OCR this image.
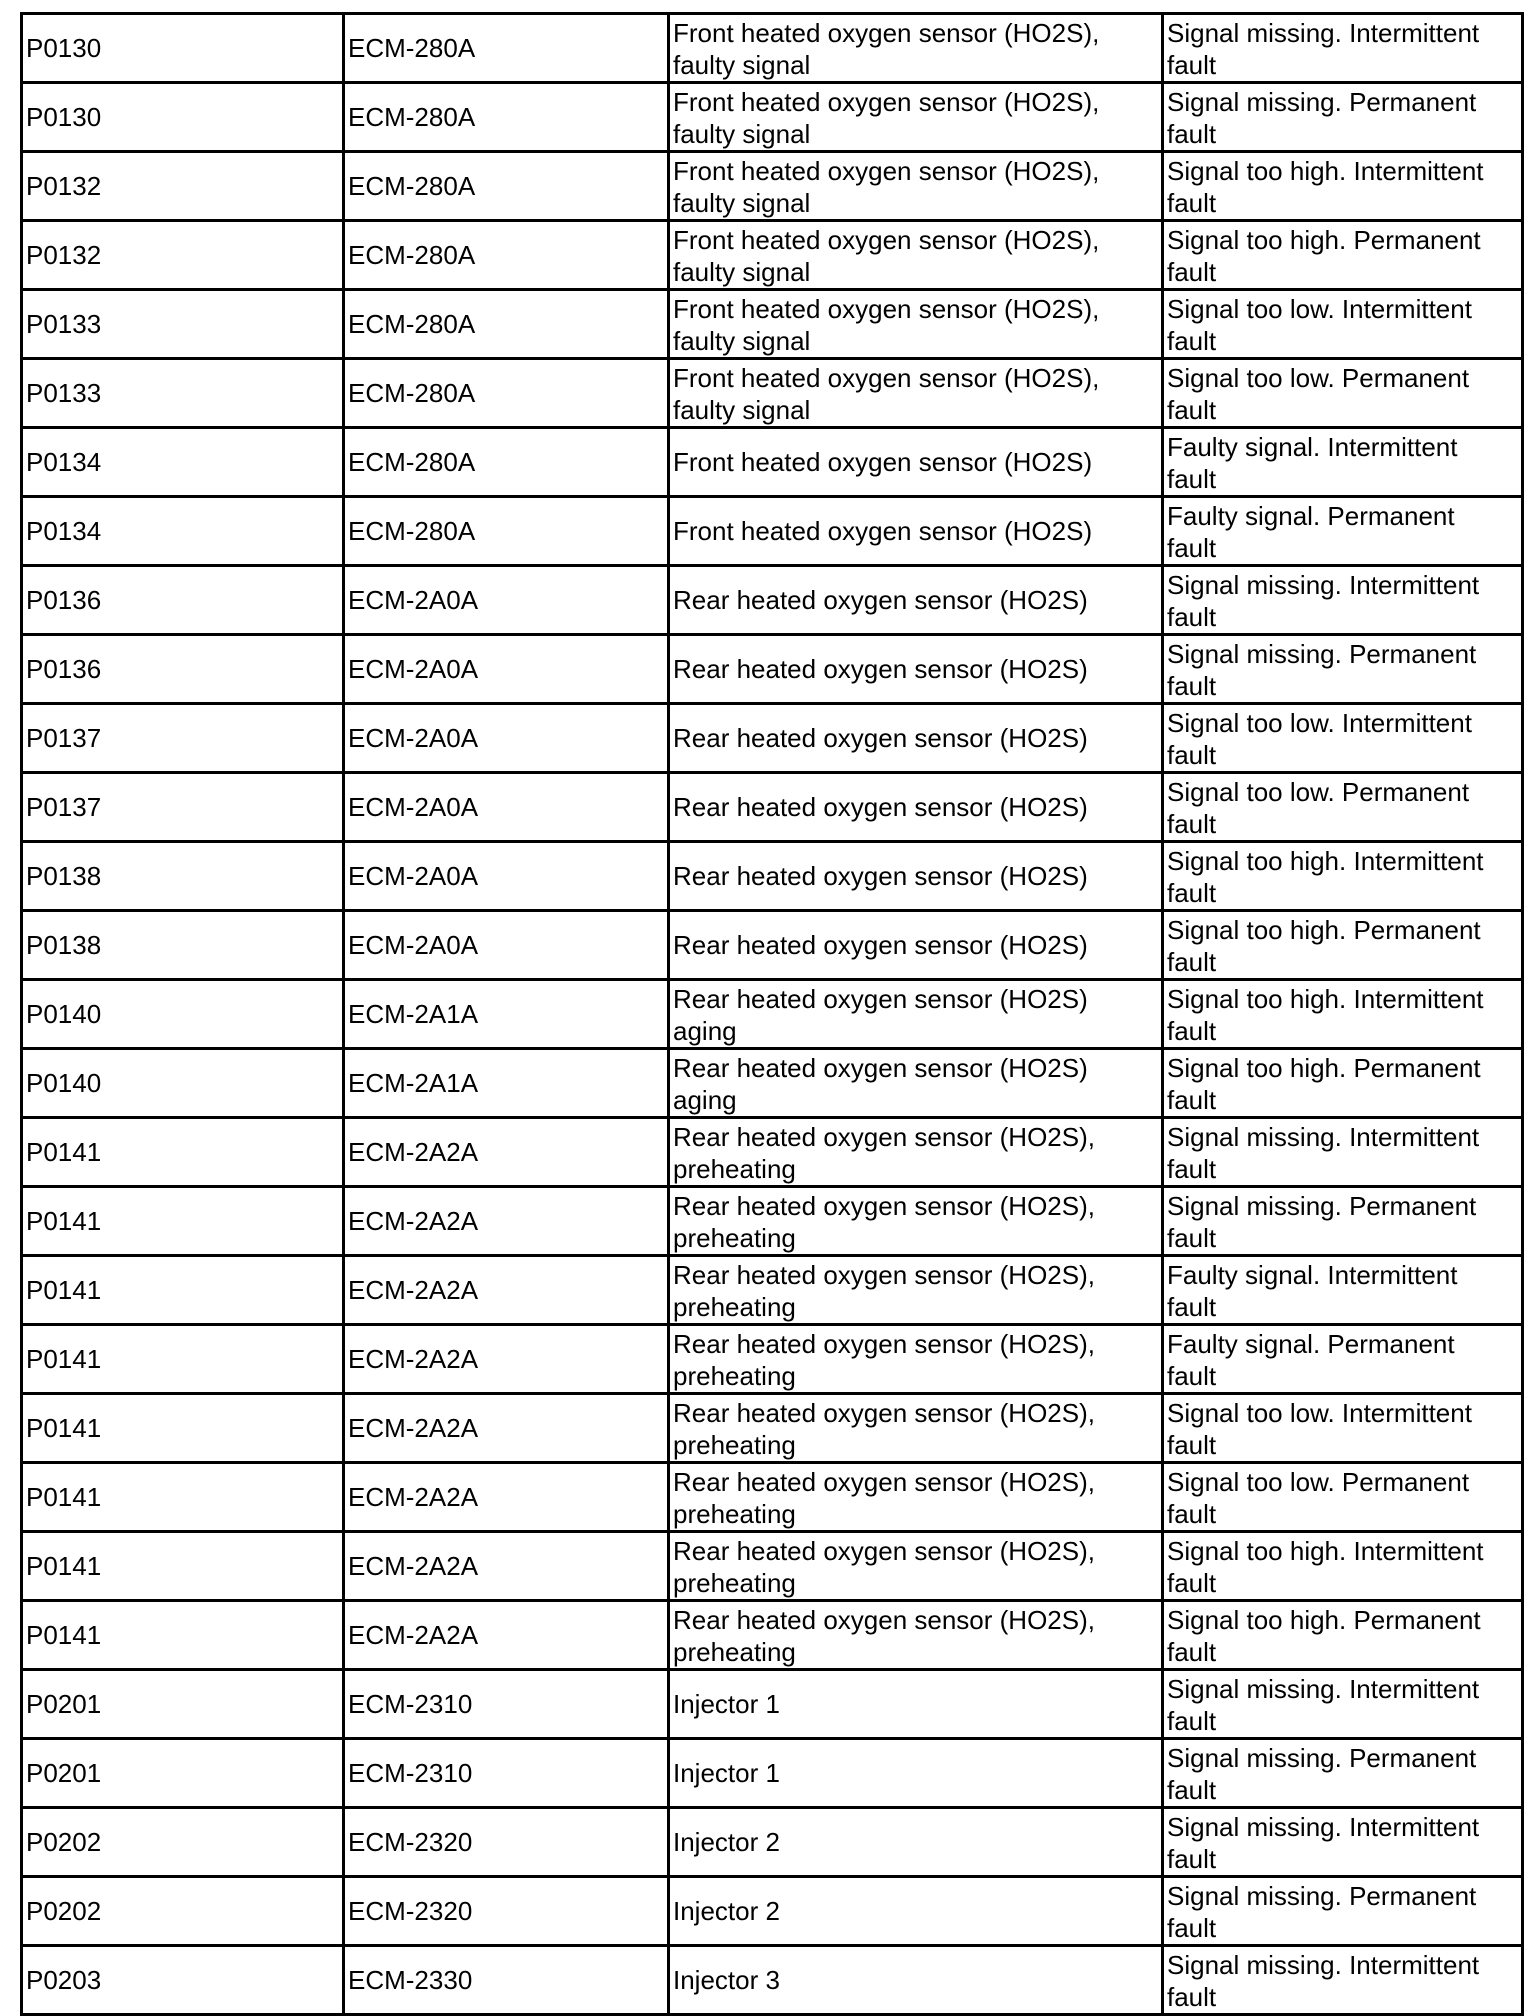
P0130	ECM-280A	Front heated oxygen sensor (HO2S),
faulty signal	Signal missing. Intermittent
fault

P0130	ECM-280A	Front heated oxygen sensor (HO2S),
faulty signal	Signal missing. Permanent
fault

P0132	ECM-280A	Front heated oxygen sensor (HO2S),
faulty signal	Signal too high. Intermittent
fault

P0132	ECM-280A	Front heated oxygen sensor (HO2S),
faulty signal	Signal too high. Permanent
fault

P0133	ECM-280A	Front heated oxygen sensor (HO2S),
faulty signal	Signal too low. Intermittent
fault

P0133	ECM-280A	Front heated oxygen sensor (HO2S),
faulty signal	Signal too low. Permanent
fault

P0134	ECM-280A	Front heated oxygen sensor (HO2S)	Faulty signal. Intermittent
fault

P0134	ECM-280A	Front heated oxygen sensor (HO2S)	Faulty signal. Permanent
fault

P0136	ECM-2A0A	Rear heated oxygen sensor (HO2S)	Signal missing. Intermittent
fault

P0136	ECM-2A0A	Rear heated oxygen sensor (HO2S)	Signal missing. Permanent
fault

P0137	ECM-2A0A	Rear heated oxygen sensor (HO2S)	Signal too low. Intermittent
fault

P0137	ECM-2A0A	Rear heated oxygen sensor (HO2S)	Signal too low. Permanent
fault

P0138	ECM-2A0A	Rear heated oxygen sensor (HO2S)	Signal too high. Intermittent
fault

P0138	ECM-2A0A	Rear heated oxygen sensor (HO2S)	Signal too high. Permanent
fault

P0140	ECM-2A1A	Rear heated oxygen sensor (HO2S)
aging	Signal too high. Intermittent
fault

P0140	ECM-2A1A	Rear heated oxygen sensor (HO2S)
aging	Signal too high. Permanent
fault

P0141	ECM-2A2A	Rear heated oxygen sensor (HO2S),
preheating	Signal missing. Intermittent
fault

P0141	ECM-2A2A	Rear heated oxygen sensor (HO2S),
preheating	Signal missing. Permanent
fault

P0141	ECM-2A2A	Rear heated oxygen sensor (HO2S),
preheating	Faulty signal. Intermittent
fault

P0141	ECM-2A2A	Rear heated oxygen sensor (HO2S),
preheating	Faulty signal. Permanent
fault

P0141	ECM-2A2A	Rear heated oxygen sensor (HO2S),
preheating	Signal too low. Intermittent
fault

P0141	ECM-2A2A	Rear heated oxygen sensor (HO2S),
preheating	Signal too low. Permanent
fault

P0141	ECM-2A2A	Rear heated oxygen sensor (HO2S),
preheating	Signal too high. Intermittent
fault

P0141	ECM-2A2A	Rear heated oxygen sensor (HO2S),
preheating	Signal too high. Permanent
fault

P0201	ECM-2310	Injector 1	Signal missing. Intermittent
fault

P0201	ECM-2310	Injector 1	Signal missing. Permanent
fault

P0202	ECM-2320	Injector 2	Signal missing. Intermittent
fault

P0202	ECM-2320	Injector 2	Signal missing. Permanent
fault

P0203	ECM-2330	Injector 3	Signal missing. Intermittent
fault
